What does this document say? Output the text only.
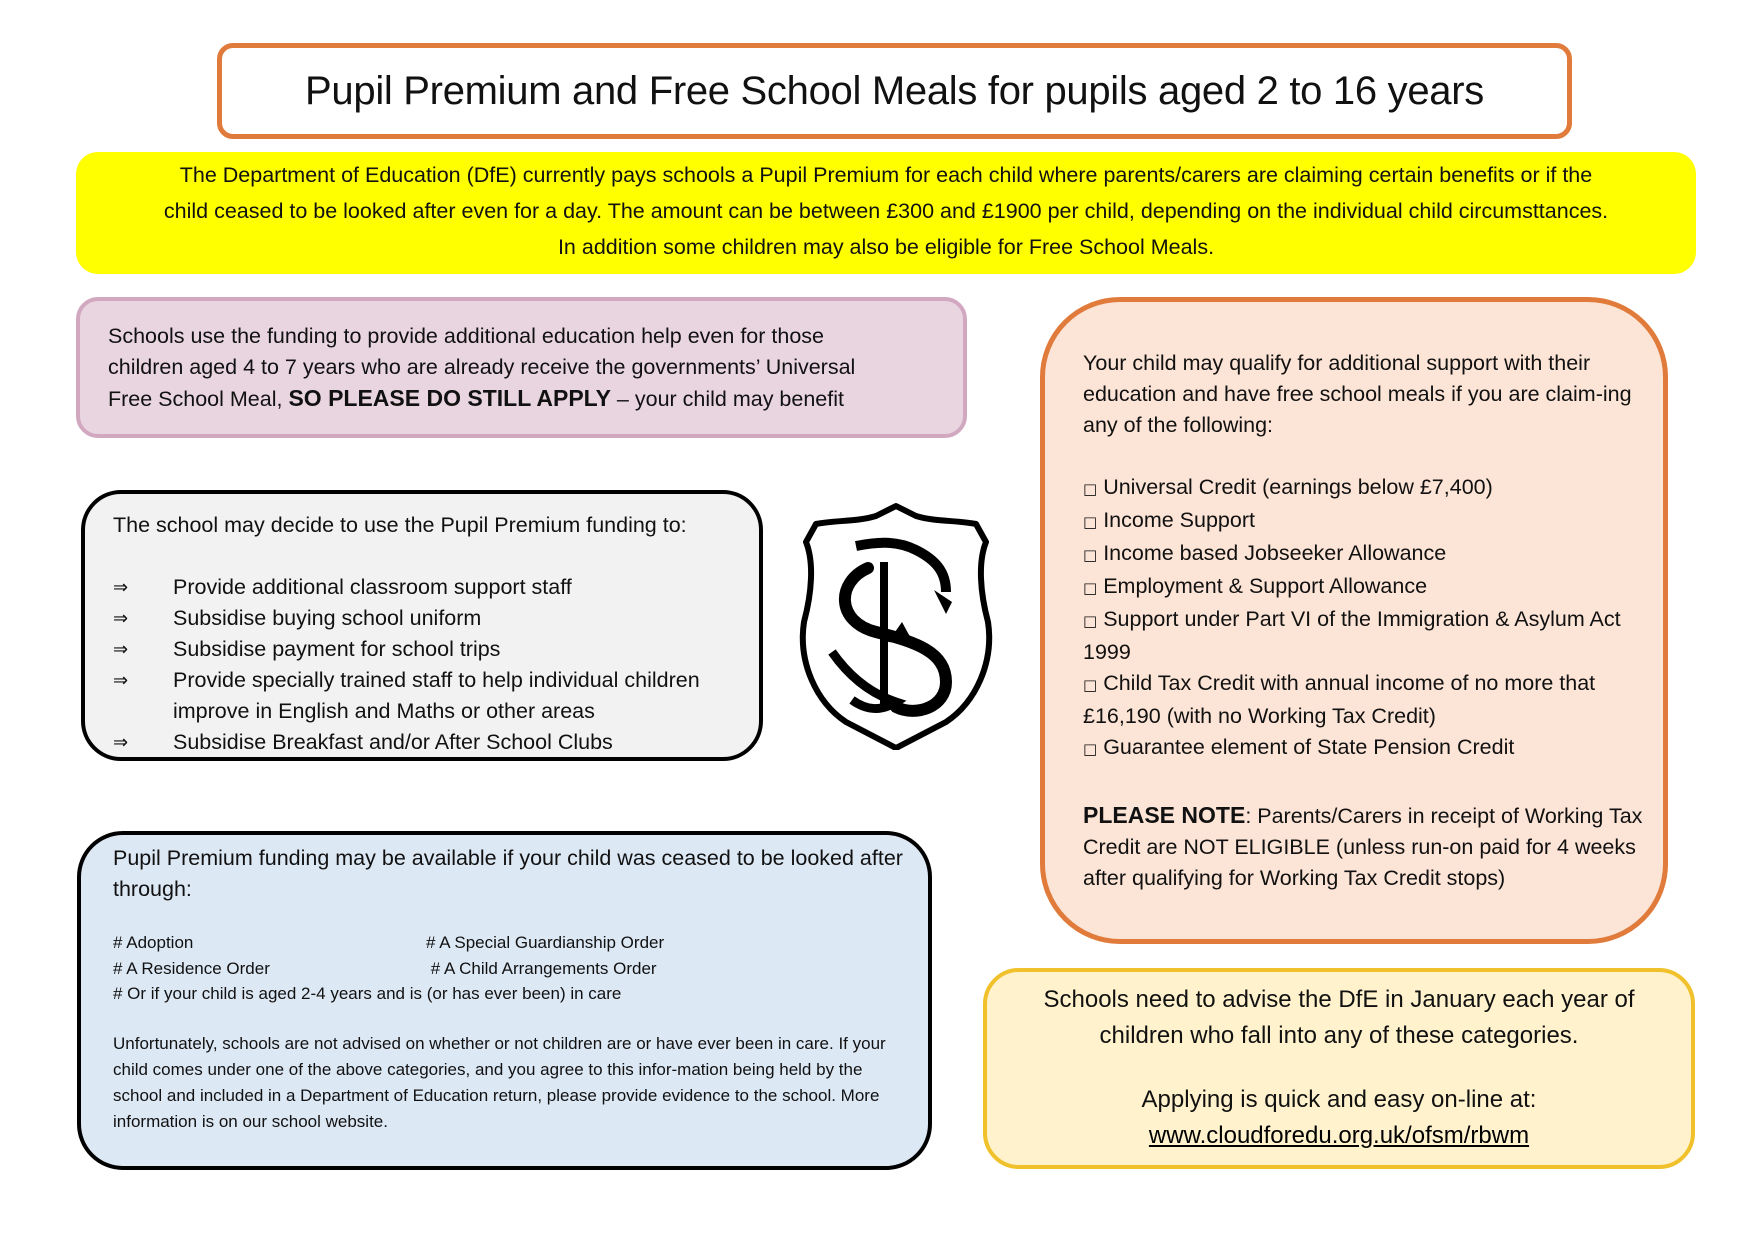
Pupil Premium and Free School Meals for pupils aged 2 to 16 years
The Department of Education (DfE) currently pays schools a Pupil Premium for each child where parents/carers are claiming certain benefits or if the
child ceased to be looked after even for a day. The amount can be between £300 and £1900 per child, depending on the individual child circumsttances.
In addition some children may also be eligible for Free School Meals.
Schools use the funding to provide additional education help even for those
children aged 4 to 7 years who are already receive the governments’ Universal
Free School Meal, SO PLEASE DO STILL APPLY – your child may benefit
The school may decide to use the Pupil Premium funding to:
⇒	Provide additional classroom support staff
⇒	Subsidise buying school uniform
⇒	Subsidise payment for school trips
⇒	Provide specially trained staff to help individual children improve in English and Maths or other areas
⇒	Subsidise Breakfast and/or After School Clubs
Your child may qualify for additional support with their education and have free school meals if you are claim-ing any of the following:
□ Universal Credit (earnings below £7,400)
□ Income Support
□ Income based Jobseeker Allowance
□ Employment & Support Allowance
□ Support under Part VI of the Immigration & Asylum Act 1999
□ Child Tax Credit with annual income of no more that £16,190 (with no Working Tax Credit)
□ Guarantee element of State Pension Credit
PLEASE NOTE: Parents/Carers in receipt of Working Tax Credit are NOT ELIGIBLE (unless run-on paid for 4 weeks after qualifying for Working Tax Credit stops)
Pupil Premium funding may be available if your child was ceased to be looked after through:
# Adoption	# A Special Guardianship Order
# A Residence Order	# A Child Arrangements Order
# Or if your child is aged 2-4 years and is (or has ever been) in care
Unfortunately, schools are not advised on whether or not children are or have ever been in care. If your child comes under one of the above categories, and you agree to this infor-mation being held by the school and included in a Department of Education return, please provide evidence to the school. More information is on our school website.
Schools need to advise the DfE in January each year of
children who fall into any of these categories.
Applying is quick and easy on-line at:
www.cloudforedu.org.uk/ofsm/rbwm
